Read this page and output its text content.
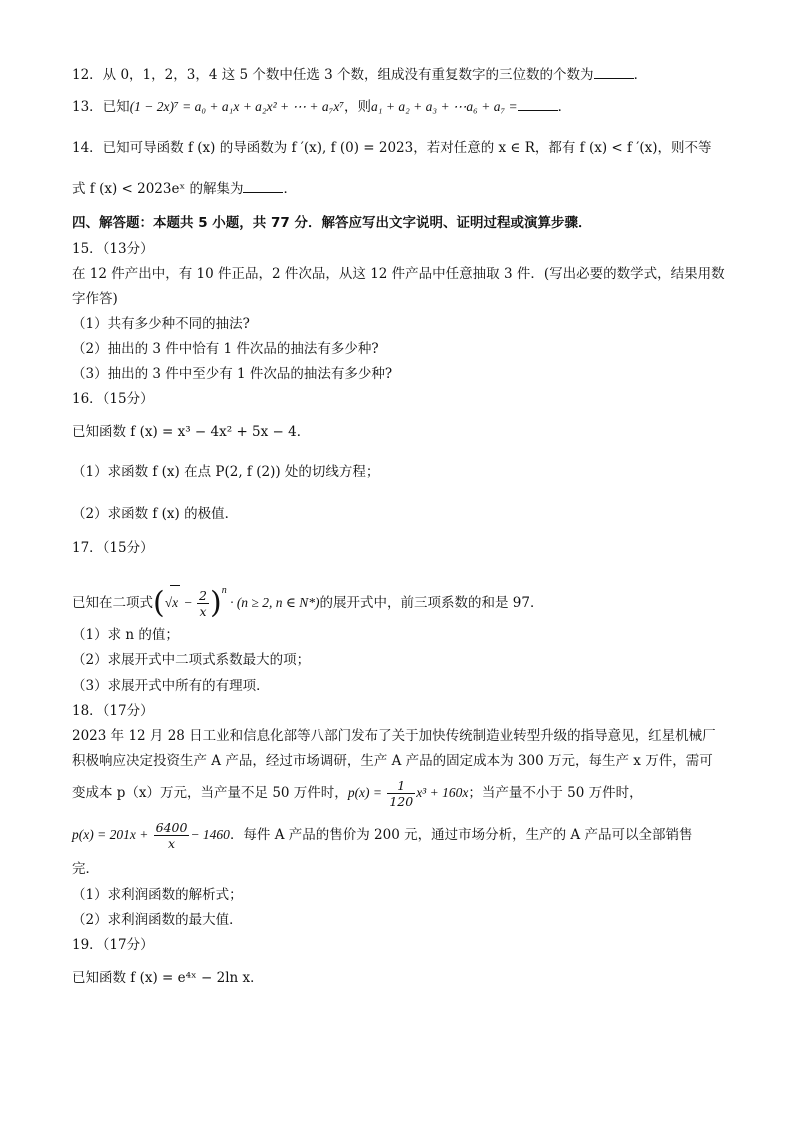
12．从 0，1，2，3，4 这 5 个数中任选 3 个数，组成没有重复数字的三位数的个数为	．
13．已知(1 − 2x)⁷ = a₀ + a₁x + a₂x² + ⋯ + a₇x⁷，则a₁ + a₂ + a₃ + ⋯a₆ + a₇ =	．
14．已知可导函数 f (x) 的导函数为 f ′(x), f (0) = 2023，若对任意的 x ∈ R，都有 f (x) < f ′(x)，则不等
式 f (x) < 2023eˣ 的解集为	．
四、解答题：本题共 5 小题，共 77 分．解答应写出文字说明、证明过程或演算步骤．
15．（13分）
在 12 件产出中，有 10 件正品，2 件次品，从这 12 件产品中任意抽取 3 件．(写出必要的数学式，结果用数
字作答)
（1）共有多少种不同的抽法?
（2）抽出的 3 件中恰有 1 件次品的抽法有多少种?
（3）抽出的 3 件中至少有 1 件次品的抽法有多少种?
16．（15分）
已知函数 f (x) = x³ − 4x² + 5x − 4．
（1）求函数 f (x) 在点 P(2, f (2)) 处的切线方程；
（2）求函数 f (x) 的极值．
17．（15分）
已知在二项式$(√x - \frac{2}{x} )^n \cdot (n \ge 2$, n ∈ N*)的展开式中，前三项系数的和是 97．
（1）求 n 的值；
（2）求展开式中二项式系数最大的项；
（3）求展开式中所有的有理项．
18．（17分）
2023 年 12 月 28 日工业和信息化部等八部门发布了关于加快传统制造业转型升级的指导意见，红星机械厂
积极响应决定投资生产 A 产品，经过市场调研，生产 A 产品的固定成本为 300 万元，每生产 x 万件，需可
变成本 p（x）万元，当产量不足 50 万件时，$p(x) = \frac{1}{120} x^3 + 160x$；当产量不小于 50 万件时，
$p(x) = 201x + \frac{6400}{x} - 1460$．每件 A 产品的售价为 200 元，通过市场分析，生产的 A 产品可以全部销售
完．
（1）求利润函数的解析式；
（2）求利润函数的最大值．
19．（17分）
已知函数 f (x) = e⁴ˣ − 2ln x．
